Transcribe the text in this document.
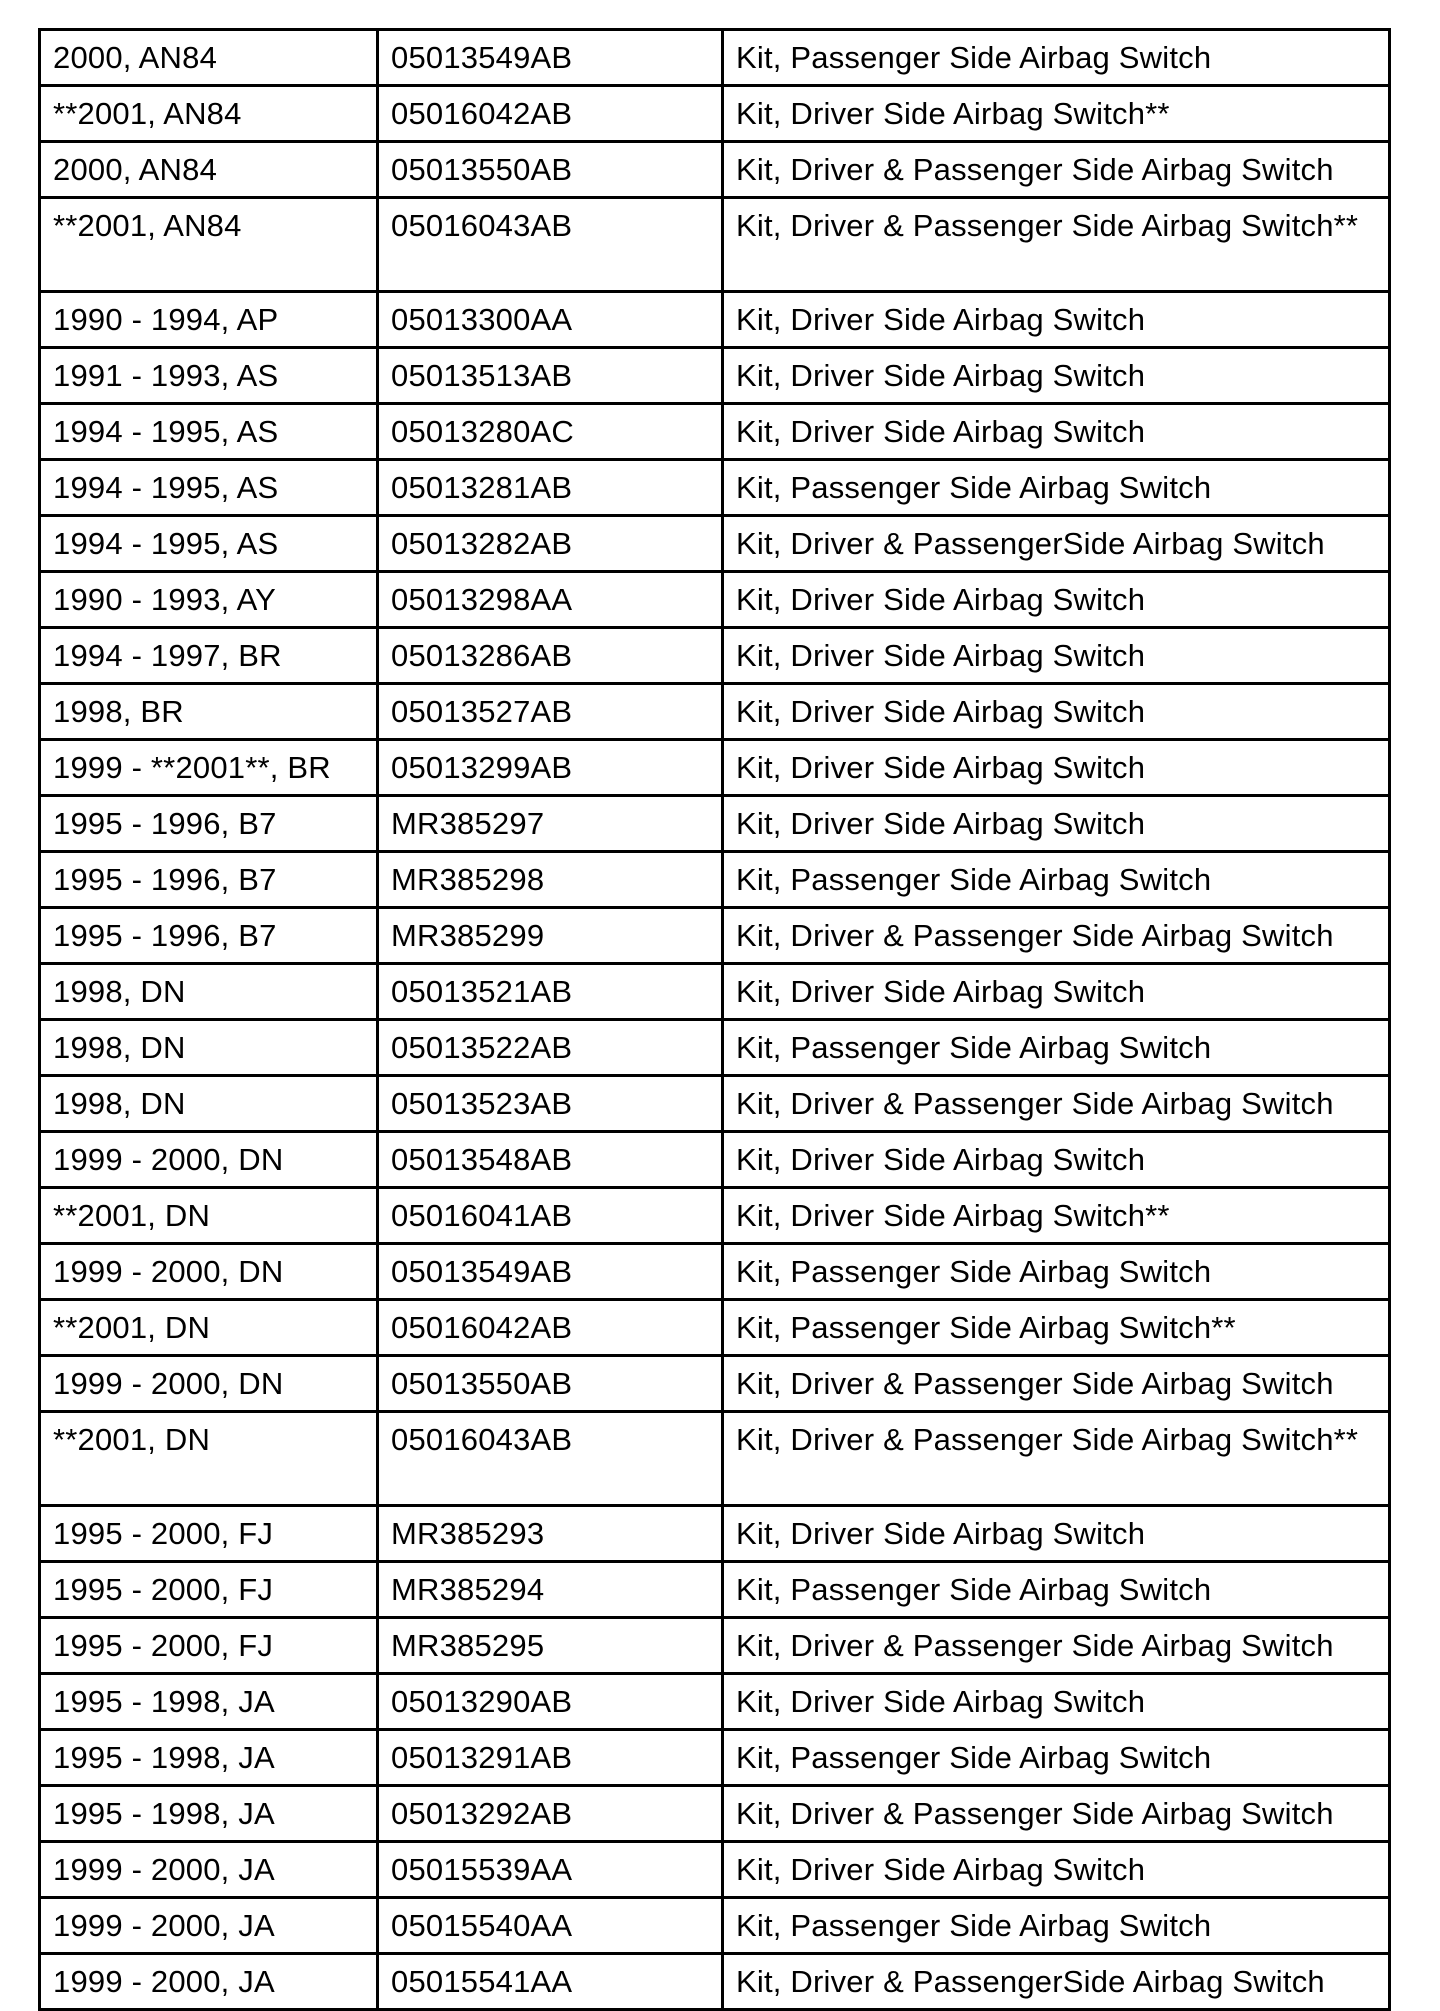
2000, AN84	05013549AB	Kit, Passenger Side Airbag Switch
**2001, AN84	05016042AB	Kit, Driver Side Airbag Switch**
2000, AN84	05013550AB	Kit, Driver & Passenger Side Airbag Switch
**2001, AN84	05016043AB	Kit, Driver & Passenger Side Airbag Switch**
1990 - 1994, AP	05013300AA	Kit, Driver Side Airbag Switch
1991 - 1993, AS	05013513AB	Kit, Driver Side Airbag Switch
1994 - 1995, AS	05013280AC	Kit, Driver Side Airbag Switch
1994 - 1995, AS	05013281AB	Kit, Passenger Side Airbag Switch
1994 - 1995, AS	05013282AB	Kit, Driver & PassengerSide Airbag Switch
1990 - 1993, AY	05013298AA	Kit, Driver Side Airbag Switch
1994 - 1997, BR	05013286AB	Kit, Driver Side Airbag Switch
1998, BR	05013527AB	Kit, Driver Side Airbag Switch
1999 - **2001**, BR	05013299AB	Kit, Driver Side Airbag Switch
1995 - 1996, B7	MR385297	Kit, Driver Side Airbag Switch
1995 - 1996, B7	MR385298	Kit, Passenger Side Airbag Switch
1995 - 1996, B7	MR385299	Kit, Driver & Passenger Side Airbag Switch
1998, DN	05013521AB	Kit, Driver Side Airbag Switch
1998, DN	05013522AB	Kit, Passenger Side Airbag Switch
1998, DN	05013523AB	Kit, Driver & Passenger Side Airbag Switch
1999 - 2000, DN	05013548AB	Kit, Driver Side Airbag Switch
**2001, DN	05016041AB	Kit, Driver Side Airbag Switch**
1999 - 2000, DN	05013549AB	Kit, Passenger Side Airbag Switch
**2001, DN	05016042AB	Kit, Passenger Side Airbag Switch**
1999 - 2000, DN	05013550AB	Kit, Driver & Passenger Side Airbag Switch
**2001, DN	05016043AB	Kit, Driver & Passenger Side Airbag Switch**
1995 - 2000, FJ	MR385293	Kit, Driver Side Airbag Switch
1995 - 2000, FJ	MR385294	Kit, Passenger Side Airbag Switch
1995 - 2000, FJ	MR385295	Kit, Driver & Passenger Side Airbag Switch
1995 - 1998, JA	05013290AB	Kit, Driver Side Airbag Switch
1995 - 1998, JA	05013291AB	Kit, Passenger Side Airbag Switch
1995 - 1998, JA	05013292AB	Kit, Driver & Passenger Side Airbag Switch
1999 - 2000, JA	05015539AA	Kit, Driver Side Airbag Switch
1999 - 2000, JA	05015540AA	Kit, Passenger Side Airbag Switch
1999 - 2000, JA	05015541AA	Kit, Driver & PassengerSide Airbag Switch
